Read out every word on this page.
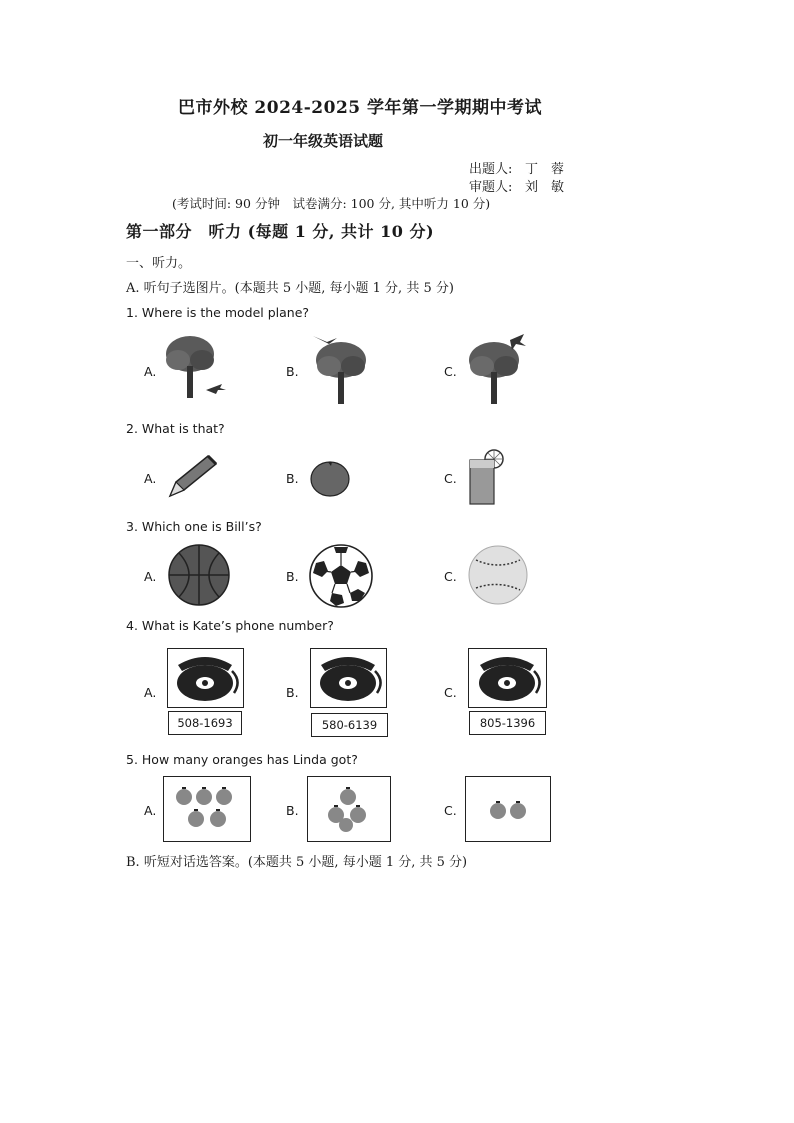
巴市外校 2024-2025 学年第一学期期中考试
初一年级英语试题
出题人: 丁　蓉
审题人: 刘　敏
(考试时间: 90 分钟　试卷满分: 100 分, 其中听力 10 分)
第一部分　听力 (每题 1 分, 共计 10 分)
一、听力。
A. 听句子选图片。(本题共 5 小题, 每小题 1 分, 共 5 分)
1. Where is the model plane?
A.	B.	C.
2. What is that?
A.	B.	C.
3. Which one is Bill’s?
A.	B.	C.
4. What is Kate’s phone number?
A.	B.	C.
508-1693	580-6139	805-1396
5. How many oranges has Linda got?
A.	B.	C.
B. 听短对话选答案。(本题共 5 小题, 每小题 1 分, 共 5 分)
